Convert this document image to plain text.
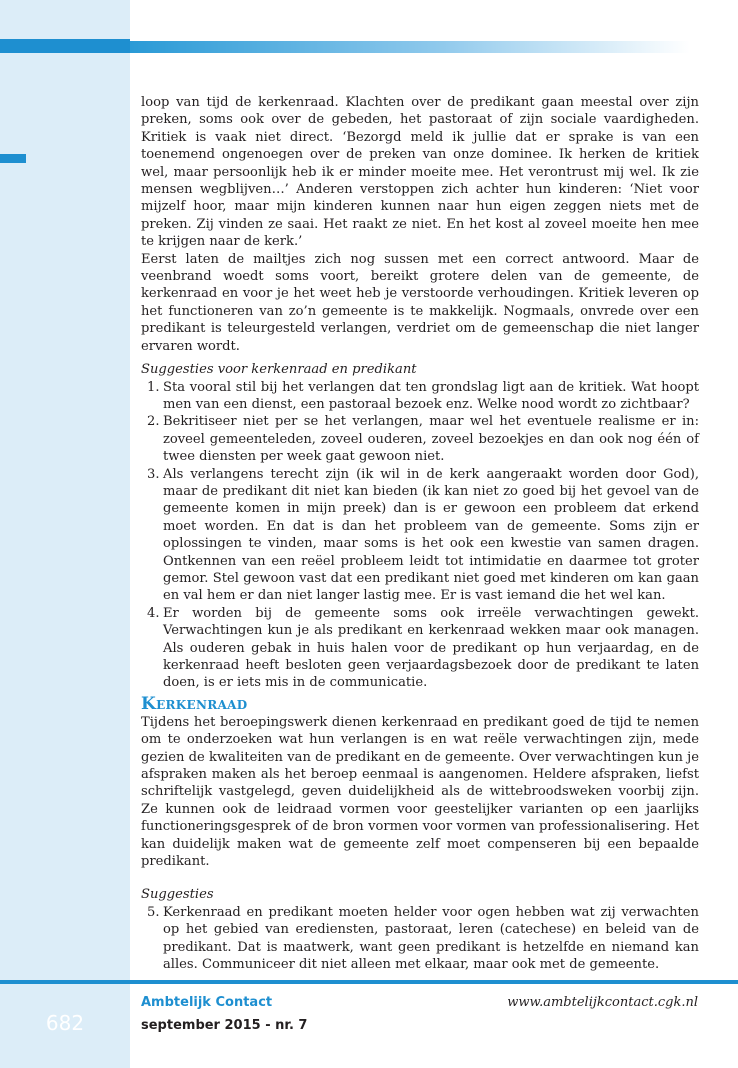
loop van tijd de kerkenraad. Klachten over de predikant gaan meestal over zijn preken, soms ook over de gebeden, het pastoraat of zijn sociale vaardigheden. Kritiek is vaak niet direct. ‘Bezorgd meld ik jullie dat er sprake is van een toenemend ongenoegen over de preken van onze dominee. Ik herken de kritiek wel, maar persoonlijk heb ik er minder moeite mee. Het verontrust mij wel. Ik zie mensen wegblijven…’ Anderen verstoppen zich achter hun kinderen: ‘Niet voor mijzelf hoor, maar mijn kinderen kunnen naar hun eigen zeggen niets met de preken. Zij vinden ze saai. Het raakt ze niet. En het kost al zoveel moeite hen mee te krijgen naar de kerk.’

Eerst laten de mailtjes zich nog sussen met een correct antwoord. Maar de veenbrand woedt soms voort, bereikt grotere delen van de gemeente, de kerkenraad en voor je het weet heb je verstoorde verhoudingen. Kritiek leveren op het functioneren van zo’n gemeente is te makkelijk. Nogmaals, onvrede over een predikant is teleurgesteld verlangen, verdriet om de gemeenschap die niet langer ervaren wordt.

Suggesties voor kerkenraad en predikant

1. Sta vooral stil bij het verlangen dat ten grondslag ligt aan de kritiek. Wat hoopt men van een dienst, een pastoraal bezoek enz. Welke nood wordt zo zichtbaar?
2. Bekritiseer niet per se het verlangen, maar wel het eventuele realisme er in: zoveel gemeenteleden, zoveel ouderen, zoveel bezoekjes en dan ook nog één of twee diensten per week gaat gewoon niet.
3. Als verlangens terecht zijn (ik wil in de kerk aangeraakt worden door God), maar de predikant dit niet kan bieden (ik kan niet zo goed bij het gevoel van de gemeente komen in mijn preek) dan is er gewoon een probleem dat erkend moet worden. En dat is dan het probleem van de gemeente. Soms zijn er oplossingen te vinden, maar soms is het ook een kwestie van samen dragen. Ontkennen van een reëel probleem leidt tot intimidatie en daarmee tot groter gemor. Stel gewoon vast dat een predikant niet goed met kinderen om kan gaan en val hem er dan niet langer lastig mee. Er is vast iemand die het wel kan.
4. Er worden bij de gemeente soms ook irreële verwachtingen gewekt. Verwachtingen kun je als predikant en kerkenraad wekken maar ook managen. Als ouderen gebak in huis halen voor de predikant op hun verjaardag, en de kerkenraad heeft besloten geen verjaardagsbezoek door de predikant te laten doen, is er iets mis in de communicatie.
Kerkenraad

Tijdens het beroepingswerk dienen kerkenraad en predikant goed de tijd te nemen om te onderzoeken wat hun verlangen is en wat reële verwachtingen zijn, mede gezien de kwaliteiten van de predikant en de gemeente. Over verwachtingen kun je afspraken maken als het beroep eenmaal is aangenomen. Heldere afspraken, liefst schriftelijk vastgelegd, geven duidelijkheid als de wittebroodsweken voorbij zijn. Ze kunnen ook de leidraad vormen voor geestelijker varianten op een jaarlijks functioneringsgesprek of de bron vormen voor vormen van professionalisering. Het kan duidelijk maken wat de gemeente zelf moet compenseren bij een bepaalde predikant.

Suggesties

5. Kerkenraad en predikant moeten helder voor ogen hebben wat zij verwachten op het gebied van erediensten, pastoraat, leren (catechese) en beleid van de predikant. Dat is maatwerk, want geen predikant is hetzelfde en niemand kan alles. Communiceer dit niet alleen met elkaar, maar ook met de gemeente.
682
Ambtelijk Contact
september 2015 - nr. 7
www.ambtelijkcontact.cgk.nl
